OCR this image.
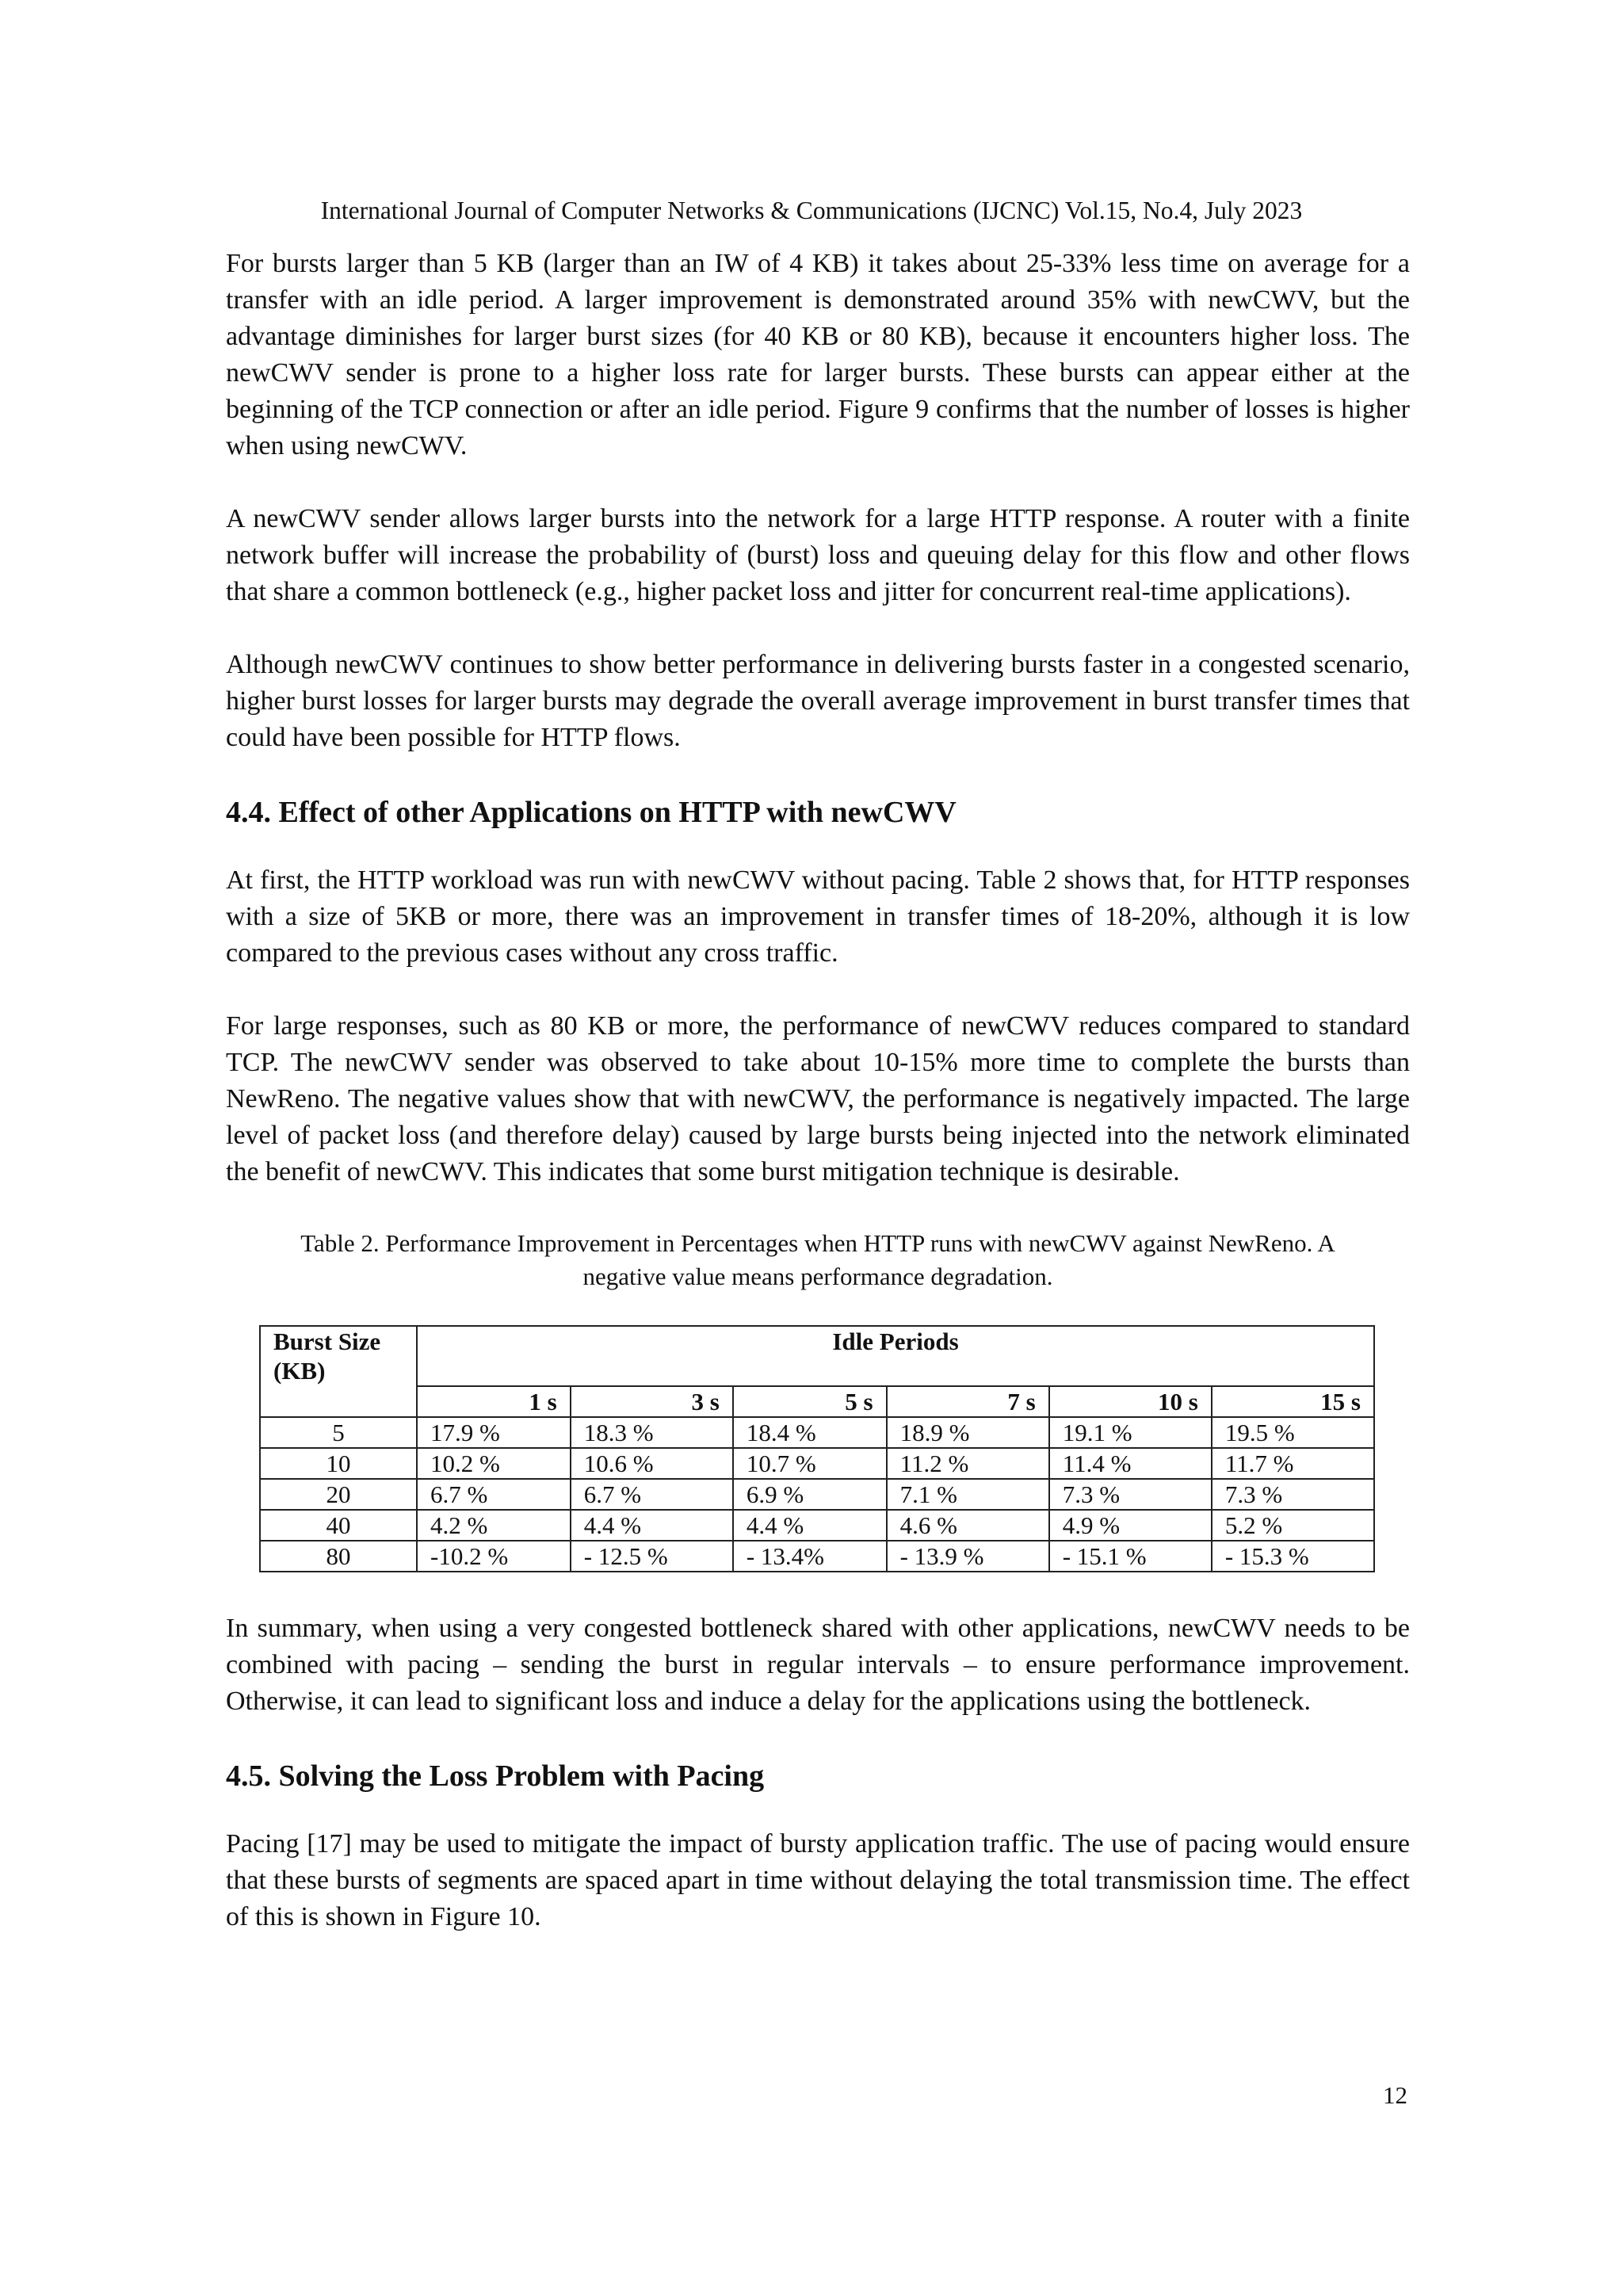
International Journal of Computer Networks & Communications (IJCNC) Vol.15, No.4, July 2023

For bursts larger than 5 KB (larger than an IW of 4 KB) it takes about 25-33% less time on average for a transfer with an idle period. A larger improvement is demonstrated around 35% with newCWV, but the advantage diminishes for larger burst sizes (for 40 KB or 80 KB), because it encounters higher loss. The newCWV sender is prone to a higher loss rate for larger bursts. These bursts can appear either at the beginning of the TCP connection or after an idle period. Figure 9 confirms that the number of losses is higher when using newCWV.

A newCWV sender allows larger bursts into the network for a large HTTP response. A router with a finite network buffer will increase the probability of (burst) loss and queuing delay for this flow and other flows that share a common bottleneck (e.g., higher packet loss and jitter for concurrent real-time applications).

Although newCWV continues to show better performance in delivering bursts faster in a congested scenario, higher burst losses for larger bursts may degrade the overall average improvement in burst transfer times that could have been possible for HTTP flows.

4.4. Effect of other Applications on HTTP with newCWV

At first, the HTTP workload was run with newCWV without pacing. Table 2 shows that, for HTTP responses with a size of 5KB or more, there was an improvement in transfer times of 18-20%, although it is low compared to the previous cases without any cross traffic.

For large responses, such as 80 KB or more, the performance of newCWV reduces compared to standard TCP. The newCWV sender was observed to take about 10-15% more time to complete the bursts than NewReno. The negative values show that with newCWV, the performance is negatively impacted. The large level of packet loss (and therefore delay) caused by large bursts being injected into the network eliminated the benefit of newCWV. This indicates that some burst mitigation technique is desirable.

Table 2. Performance Improvement in Percentages when HTTP runs with newCWV against NewReno. A
negative value means performance degradation.
Burst Size
(KB)	Idle Periods					
	1 s	3 s	5 s	7 s	10 s	15 s
5	17.9 %	18.3 %	18.4 %	18.9 %	19.1 %	19.5 %
10	10.2 %	10.6 %	10.7 %	11.2 %	11.4 %	11.7 %
20	6.7 %	6.7 %	6.9 %	7.1 %	7.3 %	7.3 %
40	4.2 %	4.4 %	4.4 %	4.6 %	4.9 %	5.2 %
80	-10.2 %	- 12.5 %	- 13.4%	- 13.9 %	- 15.1 %	- 15.3 %

In summary, when using a very congested bottleneck shared with other applications, newCWV needs to be combined with pacing – sending the burst in regular intervals – to ensure performance improvement. Otherwise, it can lead to significant loss and induce a delay for the applications using the bottleneck.

4.5. Solving the Loss Problem with Pacing

Pacing [17] may be used to mitigate the impact of bursty application traffic. The use of pacing would ensure that these bursts of segments are spaced apart in time without delaying the total transmission time. The effect of this is shown in Figure 10.

12
